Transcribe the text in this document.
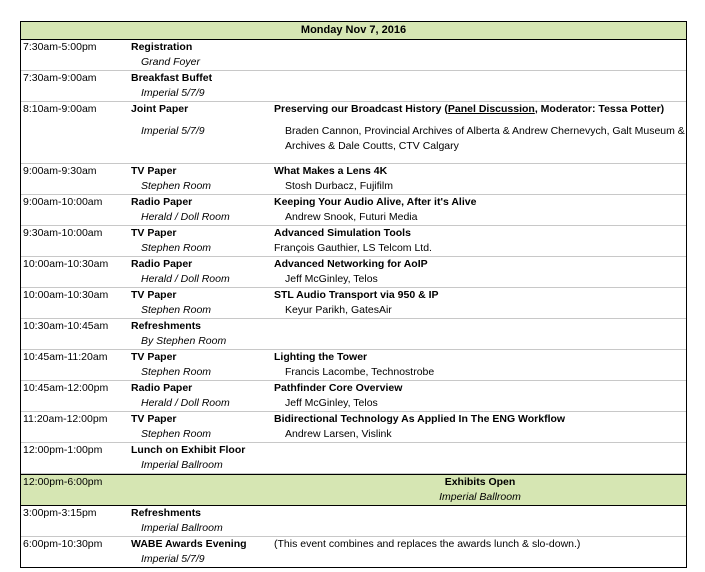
Monday Nov 7, 2016
7:30am-5:00pm	Registration
Grand Foyer
7:30am-9:00am	Breakfast Buffet
Imperial 5/7/9
8:10am-9:00am	Joint Paper	Preserving our Broadcast History (Panel Discussion, Moderator: Tessa Potter)
Imperial 5/7/9	Braden Cannon, Provincial Archives of Alberta & Andrew Chernevych, Galt Museum &
Archives & Dale Coutts, CTV Calgary
9:00am-9:30am	TV Paper	What Makes a Lens 4K
Stephen Room	Stosh Durbacz, Fujifilm
9:00am-10:00am	Radio Paper	Keeping Your Audio Alive, After it's Alive
Herald / Doll Room	Andrew Snook, Futuri Media
9:30am-10:00am	TV Paper	Advanced Simulation Tools
Stephen Room	François Gauthier, LS Telcom Ltd.
10:00am-10:30am Radio Paper	Advanced Networking for AoIP
Herald / Doll Room	Jeff McGinley, Telos
10:00am-10:30am TV Paper	STL Audio Transport via 950 & IP
Stephen Room	Keyur Parikh, GatesAir
10:30am-10:45am Refreshments
By Stephen Room
10:45am-11:20am TV Paper	Lighting the Tower
Stephen Room	Francis Lacombe, Technostrobe
10:45am-12:00pm Radio Paper	Pathfinder Core Overview
Herald / Doll Room	Jeff McGinley, Telos
11:20am-12:00pm TV Paper	Bidirectional Technology As Applied In The ENG Workflow
Stephen Room	Andrew Larsen, Vislink
12:00pm-1:00pm	Lunch on Exhibit Floor
Imperial Ballroom
12:00pm-6:00pm	Exhibits Open
Imperial Ballroom
3:00pm-3:15pm	Refreshments
Imperial Ballroom
6:00pm-10:30pm	WABE Awards Evening	(This event combines and replaces the awards lunch & slo-down.)
Imperial 5/7/9
